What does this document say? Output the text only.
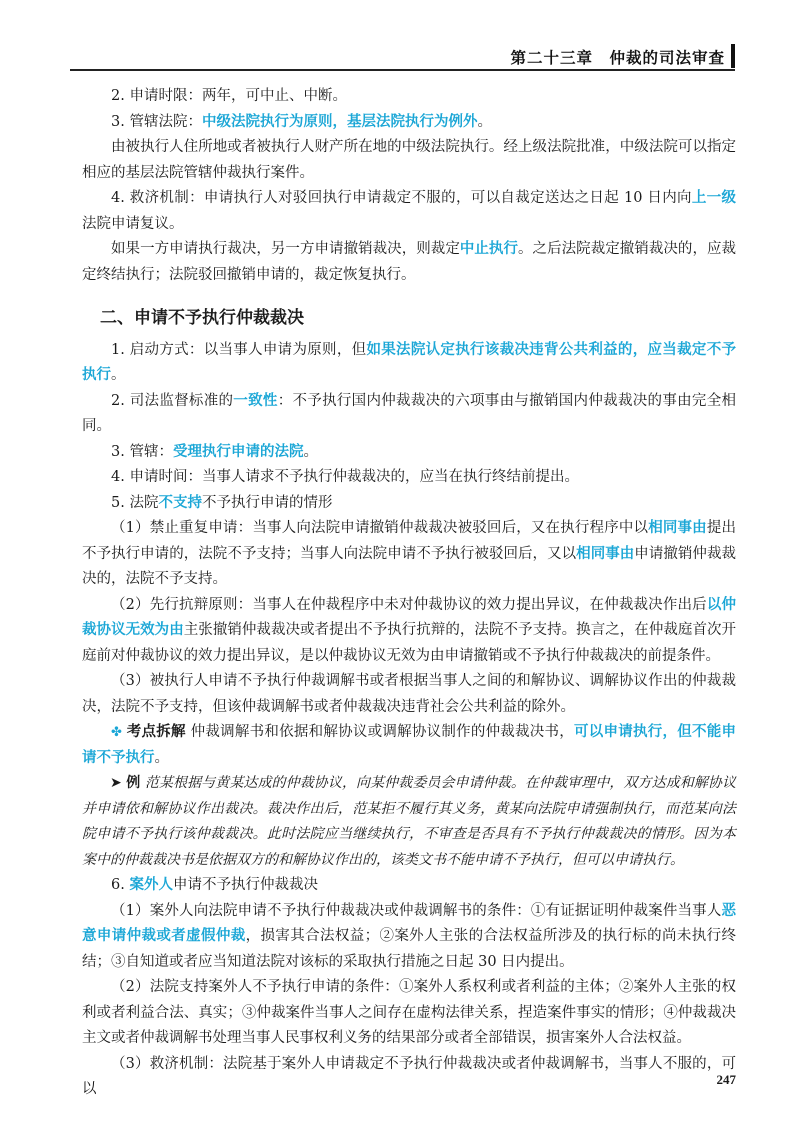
第二十三章　仲裁的司法审查

2. 申请时限：两年，可中止、中断。

3. 管辖法院：中级法院执行为原则，基层法院执行为例外。

由被执行人住所地或者被执行人财产所在地的中级法院执行。经上级法院批准，中级法院可以指定相应的基层法院管辖仲裁执行案件。

4. 救济机制：申请执行人对驳回执行申请裁定不服的，可以自裁定送达之日起 10 日内向上一级法院申请复议。

如果一方申请执行裁决，另一方申请撤销裁决，则裁定中止执行。之后法院裁定撤销裁决的，应裁定终结执行；法院驳回撤销申请的，裁定恢复执行。

二、申请不予执行仲裁裁决

1. 启动方式：以当事人申请为原则，但如果法院认定执行该裁决违背公共利益的，应当裁定不予执行。

2. 司法监督标准的一致性：不予执行国内仲裁裁决的六项事由与撤销国内仲裁裁决的事由完全相同。

3. 管辖：受理执行申请的法院。

4. 申请时间：当事人请求不予执行仲裁裁决的，应当在执行终结前提出。

5. 法院不支持不予执行申请的情形

（1）禁止重复申请：当事人向法院申请撤销仲裁裁决被驳回后，又在执行程序中以相同事由提出不予执行申请的，法院不予支持；当事人向法院申请不予执行被驳回后，又以相同事由申请撤销仲裁裁决的，法院不予支持。

（2）先行抗辩原则：当事人在仲裁程序中未对仲裁协议的效力提出异议，在仲裁裁决作出后以仲裁协议无效为由主张撤销仲裁裁决或者提出不予执行抗辩的，法院不予支持。换言之，在仲裁庭首次开庭前对仲裁协议的效力提出异议，是以仲裁协议无效为由申请撤销或不予执行仲裁裁决的前提条件。

（3）被执行人申请不予执行仲裁调解书或者根据当事人之间的和解协议、调解协议作出的仲裁裁决，法院不予支持，但该仲裁调解书或者仲裁裁决违背社会公共利益的除外。

✤ 考点拆解 仲裁调解书和依据和解协议或调解协议制作的仲裁裁决书，可以申请执行，但不能申请不予执行。

➤ 例 范某根据与黄某达成的仲裁协议，向某仲裁委员会申请仲裁。在仲裁审理中，双方达成和解协议并申请依和解协议作出裁决。裁决作出后，范某拒不履行其义务，黄某向法院申请强制执行，而范某向法院申请不予执行该仲裁裁决。此时法院应当继续执行，不审查是否具有不予执行仲裁裁决的情形。因为本案中的仲裁裁决书是依据双方的和解协议作出的，该类文书不能申请不予执行，但可以申请执行。

6. 案外人申请不予执行仲裁裁决

（1）案外人向法院申请不予执行仲裁裁决或仲裁调解书的条件：①有证据证明仲裁案件当事人恶意申请仲裁或者虚假仲裁，损害其合法权益；②案外人主张的合法权益所涉及的执行标的尚未执行终结；③自知道或者应当知道法院对该标的采取执行措施之日起 30 日内提出。

（2）法院支持案外人不予执行申请的条件：①案外人系权利或者利益的主体；②案外人主张的权利或者利益合法、真实；③仲裁案件当事人之间存在虚构法律关系，捏造案件事实的情形；④仲裁裁决主文或者仲裁调解书处理当事人民事权利义务的结果部分或者全部错误，损害案外人合法权益。

（3）救济机制：法院基于案外人申请裁定不予执行仲裁裁决或者仲裁调解书，当事人不服的，可以

247
